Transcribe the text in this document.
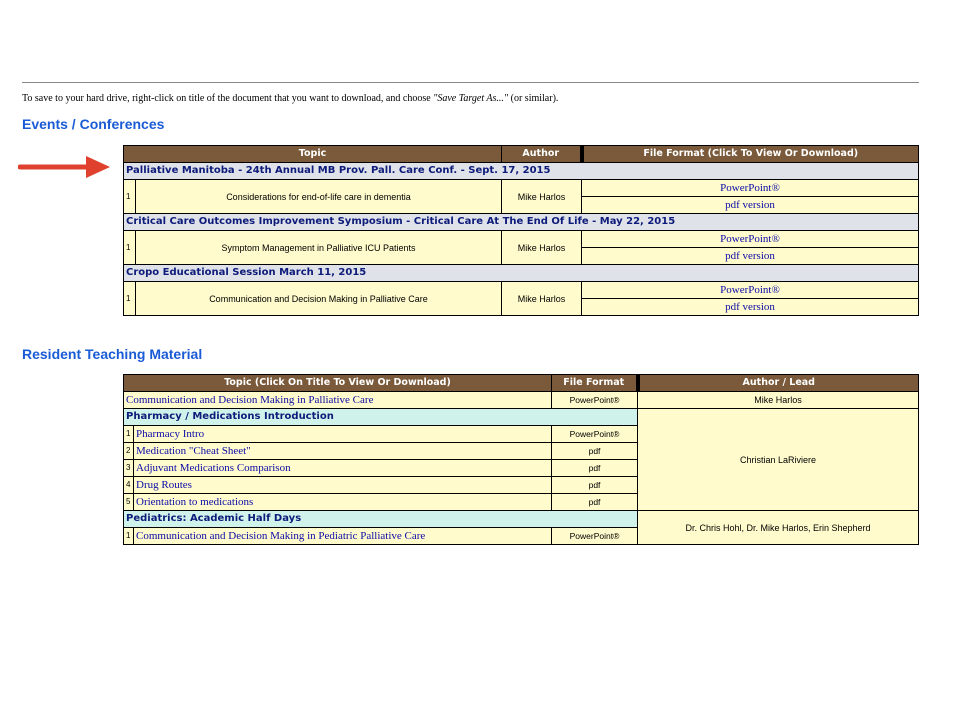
To save to your hard drive, right-click on title of the document that you want to download, and choose "Save Target As..." (or similar).
Events / Conferences
Topic		Author	File Format (Click To View Or Download)
Palliative Manitoba - 24th Annual MB Prov. Pall. Care Conf. - Sept. 17, 2015			
1	Considerations for end-of-life care in dementia	Mike Harlos	PowerPoint®
			pdf version
Critical Care Outcomes Improvement Symposium - Critical Care At The End Of Life - May 22, 2015			
1	Symptom Management in Palliative ICU Patients	Mike Harlos	PowerPoint®
			pdf version
Cropo Educational Session March 11, 2015			
1	Communication and Decision Making in Palliative Care	Mike Harlos	PowerPoint®
			pdf version
Resident Teaching Material
Topic (Click On Title To View Or Download)		File Format	Author / Lead
Communication and Decision Making in Palliative Care		PowerPoint®	Mike Harlos
Pharmacy / Medications Introduction			Christian LaRiviere
1	Pharmacy Intro	PowerPoint®	
2	Medication "Cheat Sheet"	pdf	
3	Adjuvant Medications Comparison	pdf	
4	Drug Routes	pdf	
5	Orientation to medications	pdf	
Pediatrics: Academic Half Days			Dr. Chris Hohl, Dr. Mike Harlos, Erin Shepherd
1	Communication and Decision Making in Pediatric Palliative Care	PowerPoint®	
